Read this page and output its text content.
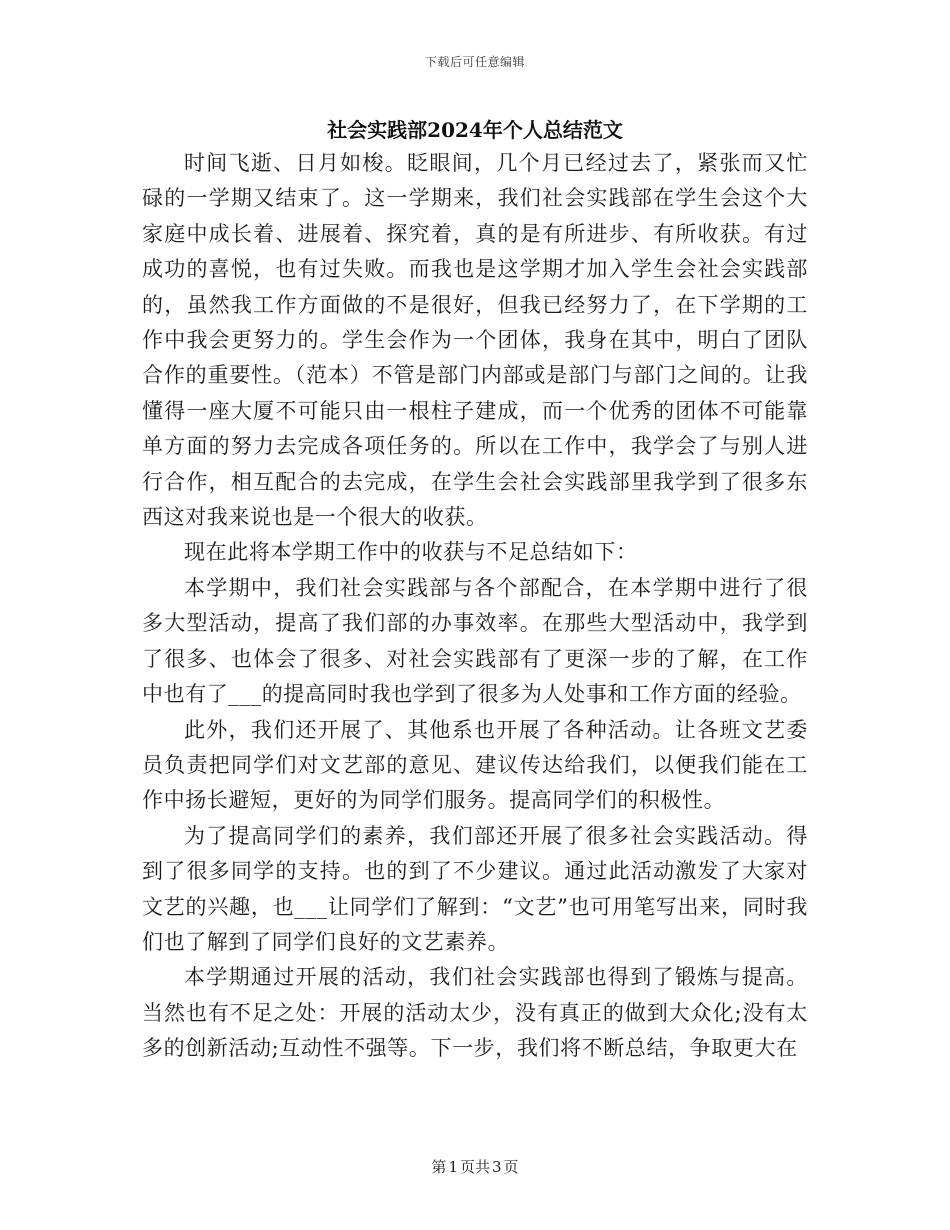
下载后可任意编辑
社会实践部2024年个人总结范文

时间飞逝、日月如梭。眨眼间，几个月已经过去了，紧张而又忙碌的一学期又结束了。这一学期来，我们社会实践部在学生会这个大家庭中成长着、进展着、探究着，真的是有所进步、有所收获。有过成功的喜悦，也有过失败。而我也是这学期才加入学生会社会实践部的，虽然我工作方面做的不是很好，但我已经努力了，在下学期的工作中我会更努力的。学生会作为一个团体，我身在其中，明白了团队合作的重要性。（范本）不管是部门内部或是部门与部门之间的。让我懂得一座大厦不可能只由一根柱子建成，而一个优秀的团体不可能靠单方面的努力去完成各项任务的。所以在工作中，我学会了与别人进行合作，相互配合的去完成，在学生会社会实践部里我学到了很多东西这对我来说也是一个很大的收获。

现在此将本学期工作中的收获与不足总结如下：

本学期中，我们社会实践部与各个部配合，在本学期中进行了很多大型活动，提高了我们部的办事效率。在那些大型活动中，我学到了很多、也体会了很多、对社会实践部有了更深一步的了解，在工作中也有了___的提高同时我也学到了很多为人处事和工作方面的经验。

此外，我们还开展了、其他系也开展了各种活动。让各班文艺委员负责把同学们对文艺部的意见、建议传达给我们，以便我们能在工作中扬长避短，更好的为同学们服务。提高同学们的积极性。

为了提高同学们的素养，我们部还开展了很多社会实践活动。得到了很多同学的支持。也的到了不少建议。通过此活动激发了大家对文艺的兴趣，也___让同学们了解到：“文艺”也可用笔写出来，同时我们也了解到了同学们良好的文艺素养。

本学期通过开展的活动，我们社会实践部也得到了锻炼与提高。当然也有不足之处：开展的活动太少，没有真正的做到大众化;没有太多的创新活动;互动性不强等。下一步，我们将不断总结，争取更大在

第 1 页共 3 页
